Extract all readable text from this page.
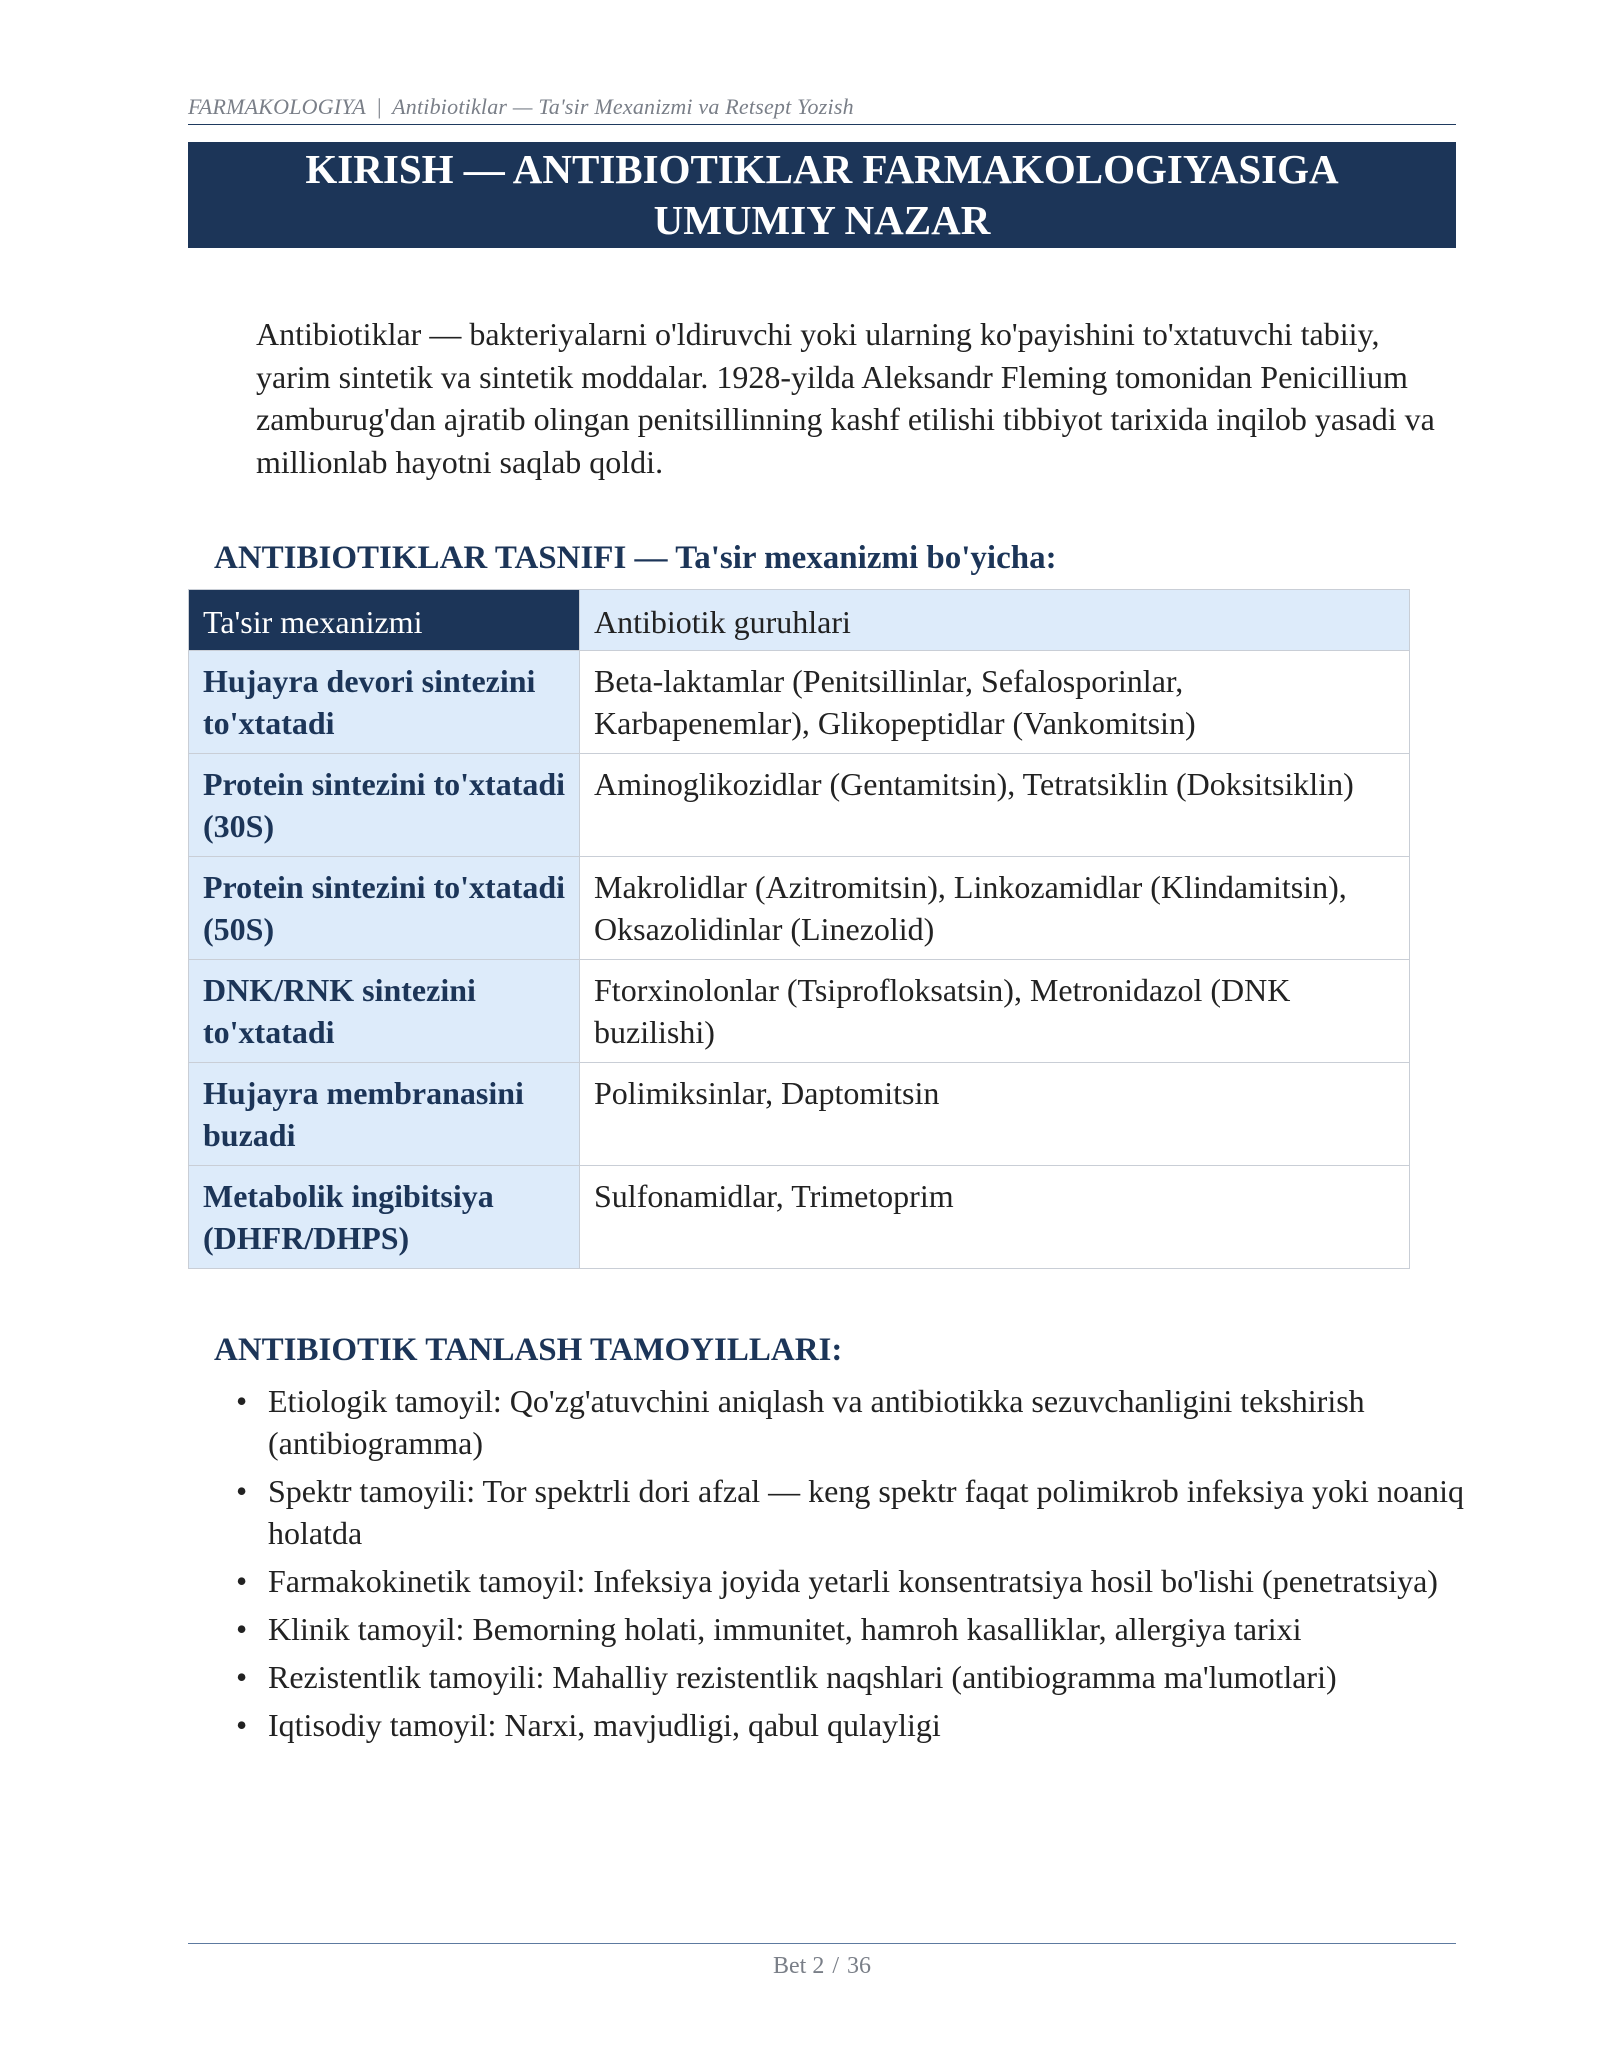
FARMAKOLOGIYA | Antibiotiklar — Ta'sir Mexanizmi va Retsept Yozish
KIRISH — ANTIBIOTIKLAR FARMAKOLOGIYASIGA
UMUMIY NAZAR
Antibiotiklar — bakteriyalarni o'ldiruvchi yoki ularning ko'payishini to'xtatuvchi tabiiy, yarim sintetik va sintetik moddalar. 1928-yilda Aleksandr Fleming tomonidan Penicillium zamburug'dan ajratib olingan penitsillinning kashf etilishi tibbiyot tarixida inqilob yasadi va millionlab hayotni saqlab qoldi.
ANTIBIOTIKLAR TASNIFI — Ta'sir mexanizmi bo'yicha:
Ta'sir mexanizmi	Antibiotik guruhlari
Hujayra devori sintezini to'xtatadi	Beta-laktamlar (Penitsillinlar, Sefalosporinlar, Karbapenemlar), Glikopeptidlar (Vankomitsin)
Protein sintezini to'xtatadi (30S)	Aminoglikozidlar (Gentamitsin), Tetratsiklin (Doksitsiklin)
Protein sintezini to'xtatadi (50S)	Makrolidlar (Azitromitsin), Linkozamidlar (Klindamitsin), Oksazolidinlar (Linezolid)
DNK/RNK sintezini to'xtatadi	Ftorxinolonlar (Tsiprofloksatsin), Metronidazol (DNK buzilishi)
Hujayra membranasini buzadi	Polimiksinlar, Daptomitsin
Metabolik ingibitsiya (DHFR/DHPS)	Sulfonamidlar, Trimetoprim
ANTIBIOTIK TANLASH TAMOYILLARI:
• Etiologik tamoyil: Qo'zg'atuvchini aniqlash va antibiotikka sezuvchanligini tekshirish (antibiogramma)
• Spektr tamoyili: Tor spektrli dori afzal — keng spektr faqat polimikrob infeksiya yoki noaniq holatda
• Farmakokinetik tamoyil: Infeksiya joyida yetarli konsentratsiya hosil bo'lishi (penetratsiya)
• Klinik tamoyil: Bemorning holati, immunitet, hamroh kasalliklar, allergiya tarixi
• Rezistentlik tamoyili: Mahalliy rezistentlik naqshlari (antibiogramma ma'lumotlari)
• Iqtisodiy tamoyil: Narxi, mavjudligi, qabul qulayligi
Bet 2 / 36
